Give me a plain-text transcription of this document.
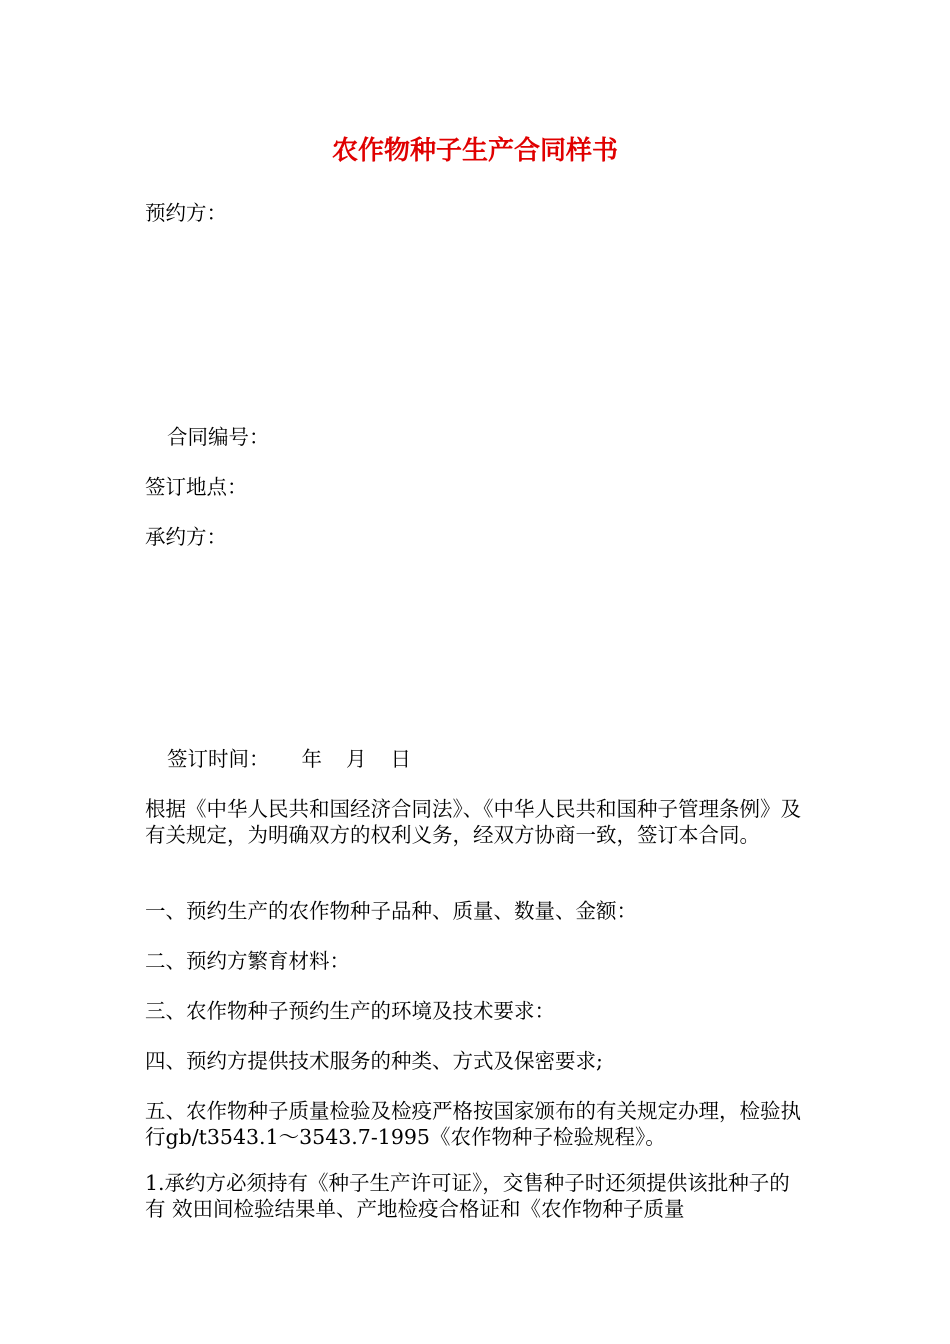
农作物种子生产合同样书
预约方：
合同编号：
签订地点：
承约方：
签订时间： 年 月 日
根据《中华人民共和国经济合同法》、《中华人民共和国种子管理条例》及有关规定，为明确双方的权利义务，经双方协商一致，签订本合同。
一、预约生产的农作物种子品种、质量、数量、金额：
二、预约方繁育材料：
三、农作物种子预约生产的环境及技术要求：
四、预约方提供技术服务的种类、方式及保密要求;
五、农作物种子质量检验及检疫严格按国家颁布的有关规定办理，检验执行gb/t3543.1～3543.7-1995《农作物种子检验规程》。
1.承约方必须持有《种子生产许可证》，交售种子时还须提供该批种子的有 效田间检验结果单、产地检疫合格证和《农作物种子质量
